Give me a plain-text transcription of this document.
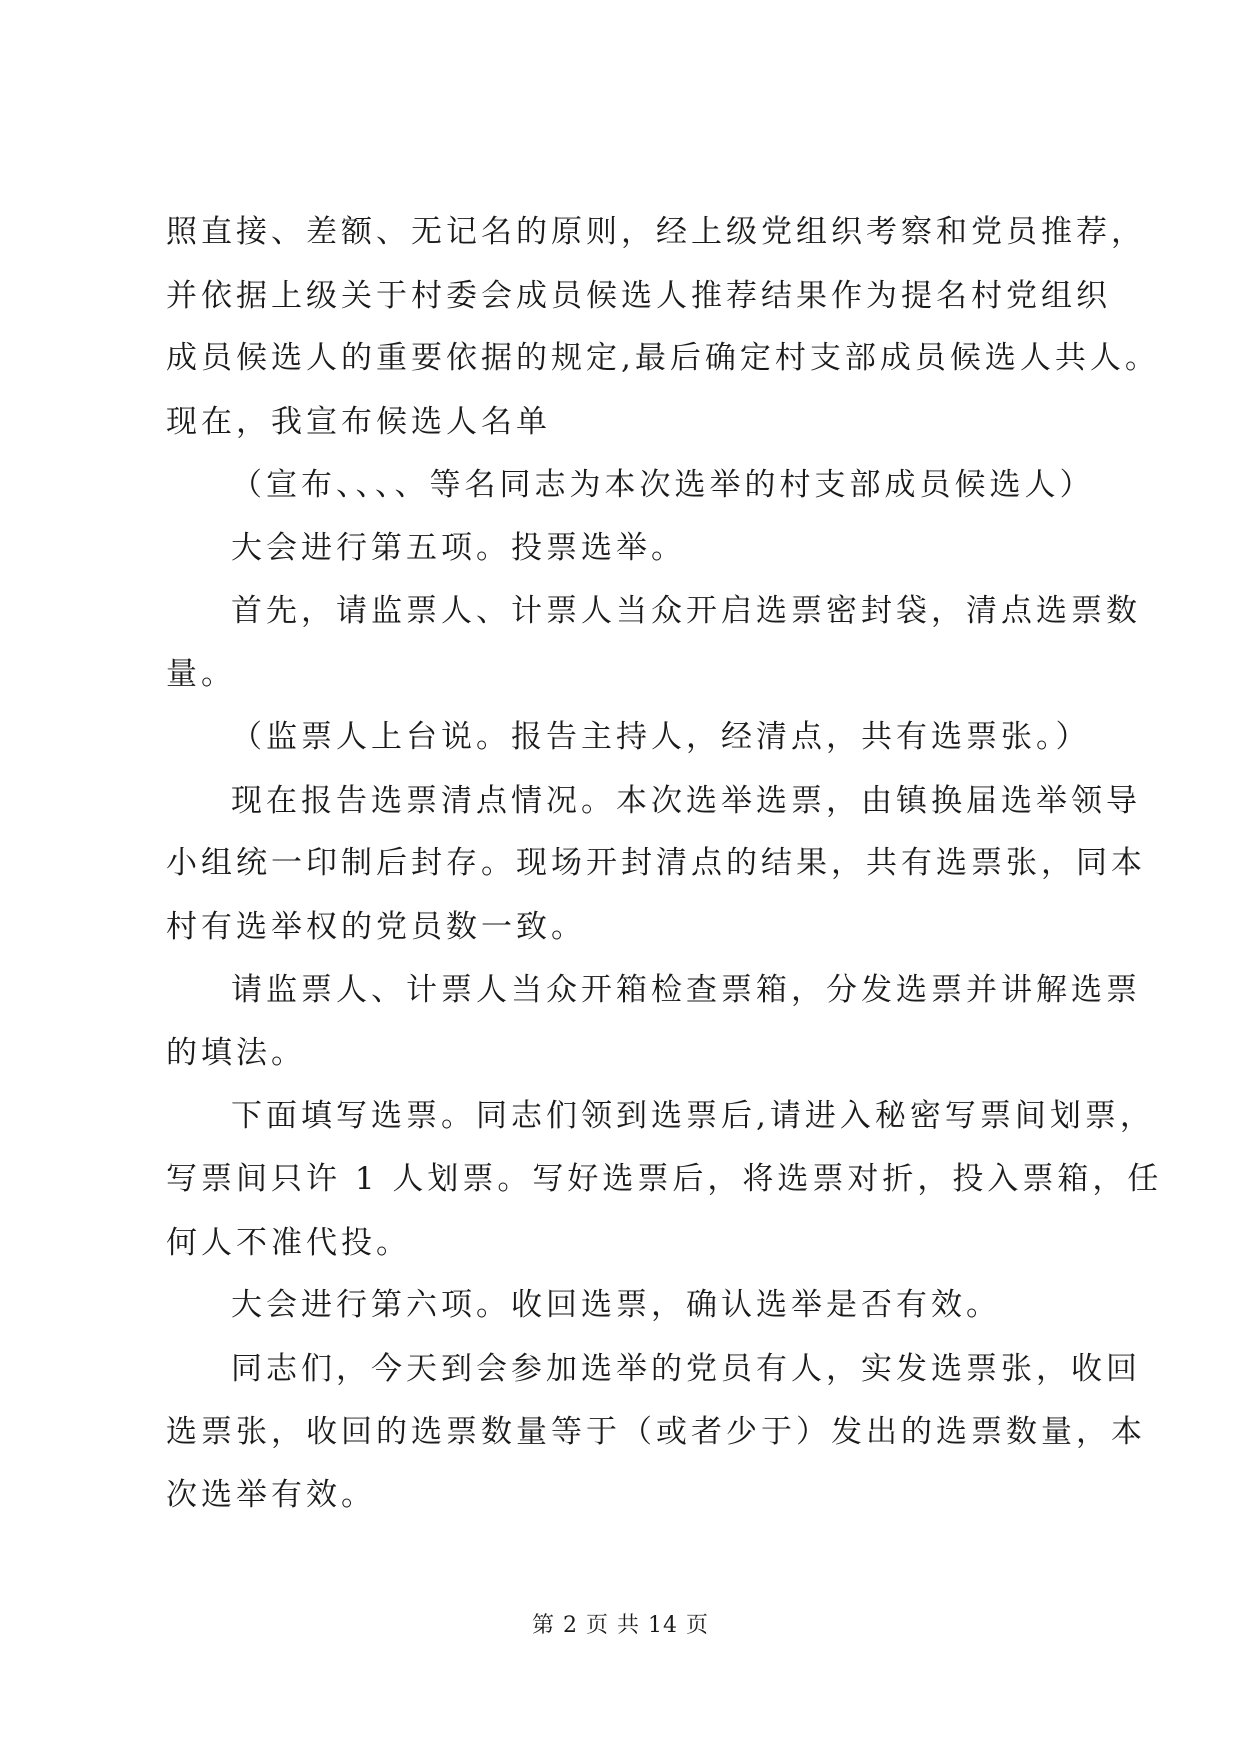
照直接、差额、无记名的原则，经上级党组织考察和党员推荐，
并依据上级关于村委会成员候选人推荐结果作为提名村党组织
成员候选人的重要依据的规定,最后确定村支部成员候选人共人。
现在，我宣布候选人名单
（宣布、、、、等名同志为本次选举的村支部成员候选人）
大会进行第五项。投票选举。
首先，请监票人、计票人当众开启选票密封袋，清点选票数
量。
（监票人上台说。报告主持人，经清点，共有选票张。）
现在报告选票清点情况。本次选举选票，由镇换届选举领导
小组统一印制后封存。现场开封清点的结果，共有选票张，同本
村有选举权的党员数一致。
请监票人、计票人当众开箱检查票箱，分发选票并讲解选票
的填法。
下面填写选票。同志们领到选票后,请进入秘密写票间划票，
写票间只许 1 人划票。写好选票后，将选票对折，投入票箱，任
何人不准代投。
大会进行第六项。收回选票，确认选举是否有效。
同志们，今天到会参加选举的党员有人，实发选票张，收回
选票张，收回的选票数量等于（或者少于）发出的选票数量，本
次选举有效。
第 2 页 共 14 页
